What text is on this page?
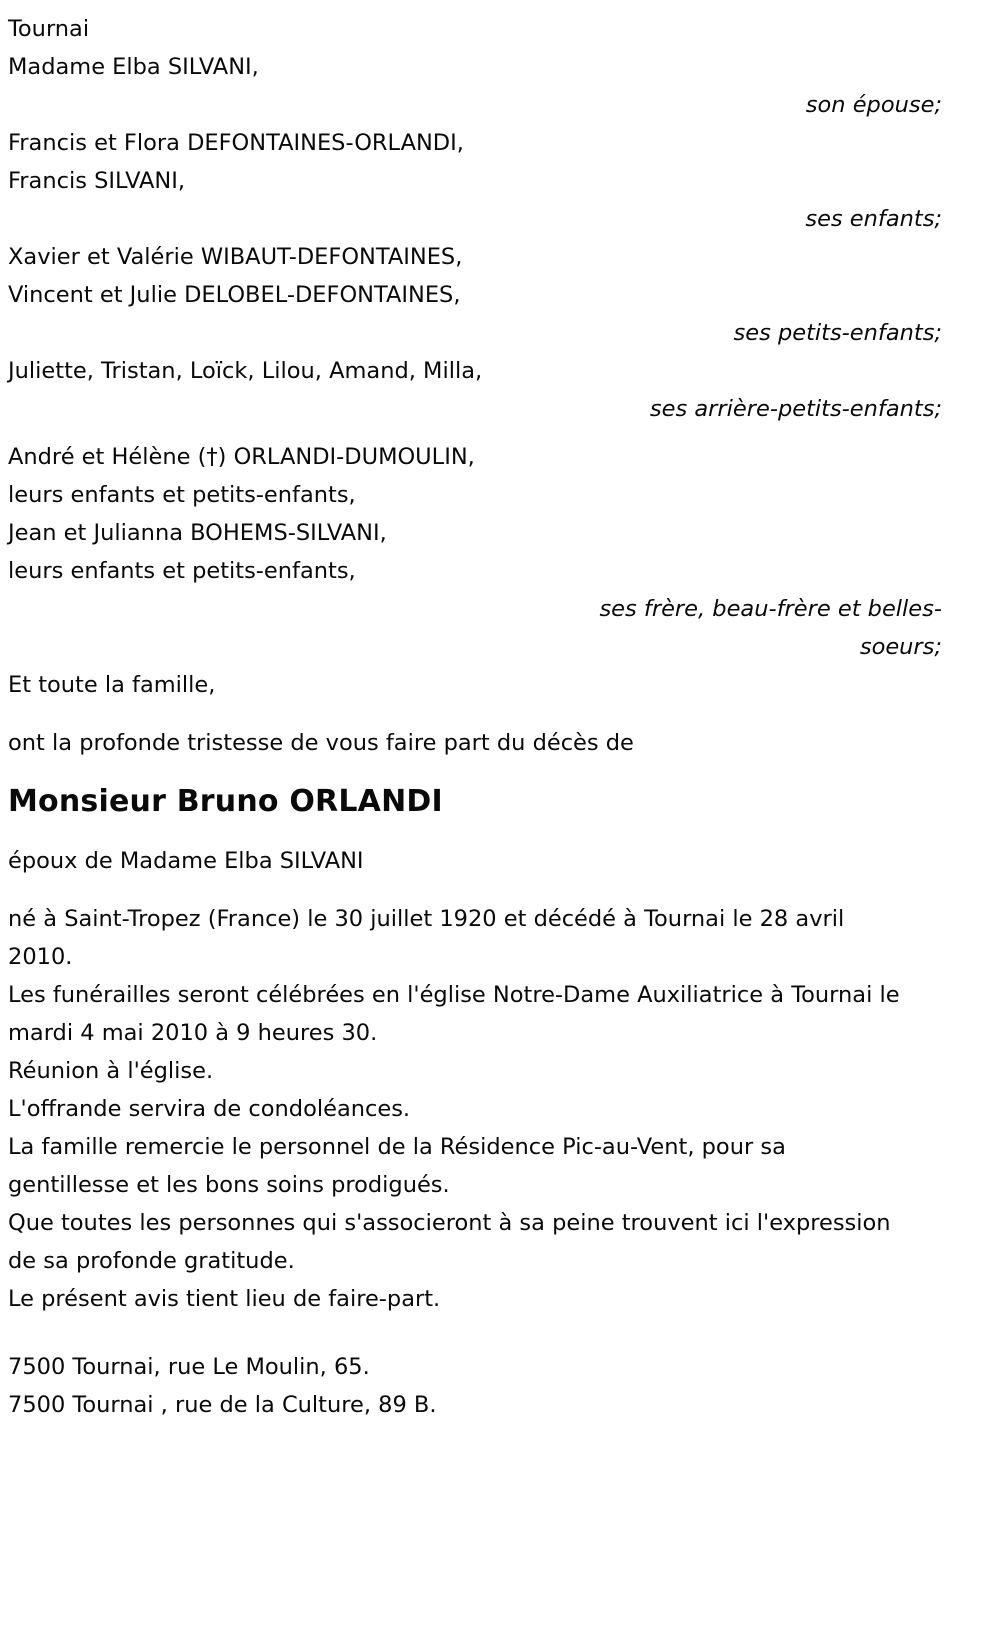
Tournai
Madame Elba SILVANI,
son épouse;
Francis et Flora DEFONTAINES-ORLANDI,
Francis SILVANI,
ses enfants;
Xavier et Valérie WIBAUT-DEFONTAINES,
Vincent et Julie DELOBEL-DEFONTAINES,
ses petits-enfants;
Juliette, Tristan, Loïck, Lilou, Amand, Milla,
ses arrière-petits-enfants;
André et Hélène (†) ORLANDI-DUMOULIN,
leurs enfants et petits-enfants,
Jean et Julianna BOHEMS-SILVANI,
leurs enfants et petits-enfants,
ses frère, beau-frère et belles-soeurs;
Et toute la famille,
ont la profonde tristesse de vous faire part du décès de
Monsieur Bruno ORLANDI
époux de Madame Elba SILVANI
né à Saint-Tropez (France) le 30 juillet 1920 et décédé à Tournai le 28 avril 2010.
Les funérailles seront célébrées en l'église Notre-Dame Auxiliatrice à Tournai le mardi 4 mai 2010 à 9 heures 30.
Réunion à l'église.
L'offrande servira de condoléances.
La famille remercie le personnel de la Résidence Pic-au-Vent, pour sa gentillesse et les bons soins prodigués.
Que toutes les personnes qui s'associeront à sa peine trouvent ici l'expression de sa profonde gratitude.
Le présent avis tient lieu de faire-part.
7500 Tournai, rue Le Moulin, 65.
7500 Tournai , rue de la Culture, 89 B.
